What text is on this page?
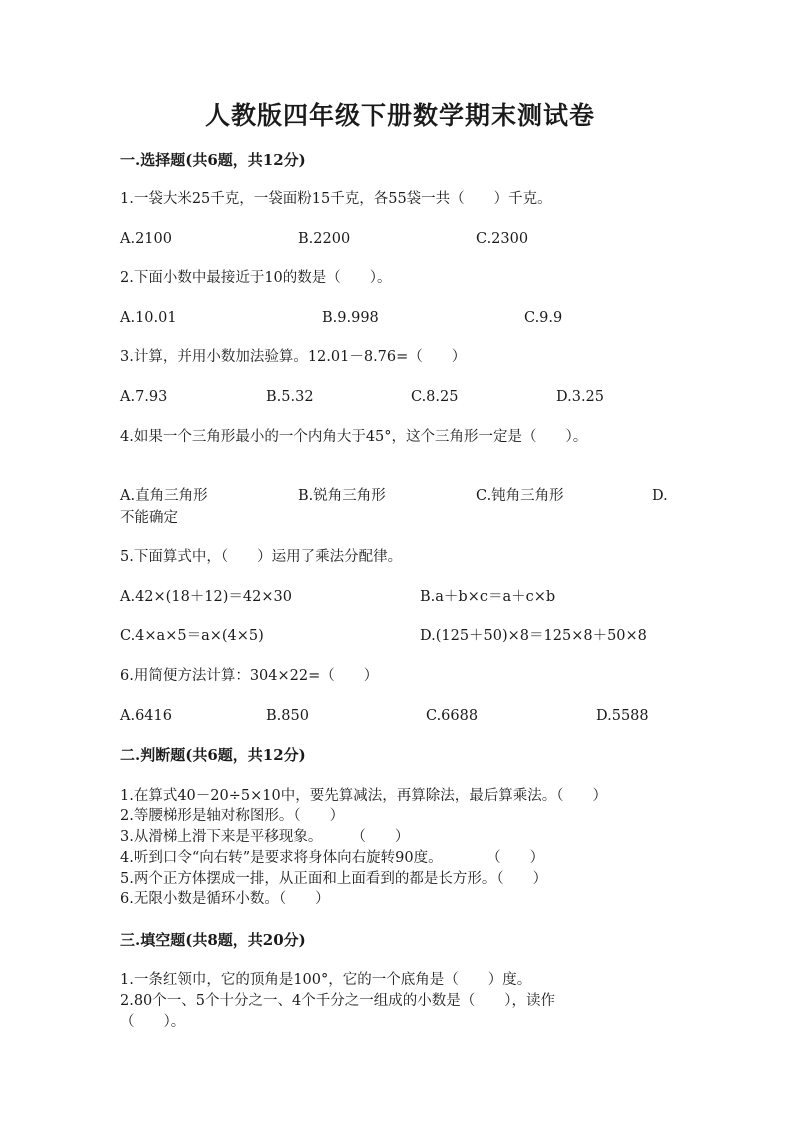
人教版四年级下册数学期末测试卷
一.选择题(共6题，共12分)
1.一袋大米25千克，一袋面粉15千克，各55袋一共（　　）千克。
A.2100	B.2200	C.2300
2.下面小数中最接近于10的数是（　　）。
A.10.01	B.9.998	C.9.9
3.计算，并用小数加法验算。12.01－8.76=（　　）
A.7.93	B.5.32	C.8.25	D.3.25
4.如果一个三角形最小的一个内角大于45°，这个三角形一定是（　　）。
A.直角三角形	B.锐角三角形	C.钝角三角形	D.
不能确定
5.下面算式中，（　　）运用了乘法分配律。
A.42×(18＋12)＝42×30	B.a＋b×c＝a＋c×b
C.4×a×5＝a×(4×5)	D.(125＋50)×8＝125×8＋50×8
6.用简便方法计算：304×22=（　　）
A.6416	B.850	C.6688	D.5588
二.判断题(共6题，共12分)
1.在算式40－20÷5×10中，要先算减法，再算除法，最后算乘法。（　　）
2.等腰梯形是轴对称图形。（　　）
3.从滑梯上滑下来是平移现象。　　　（　　）
4.听到口令“向右转”是要求将身体向右旋转90度。　　　　（　　）
5.两个正方体摆成一排，从正面和上面看到的都是长方形。（　　）
6.无限小数是循环小数。（　　）
三.填空题(共8题，共20分)
1.一条红领巾，它的顶角是100°，它的一个底角是（　　）度。
2.80个一、5个十分之一、4个千分之一组成的小数是（　　），读作
（　　）。
